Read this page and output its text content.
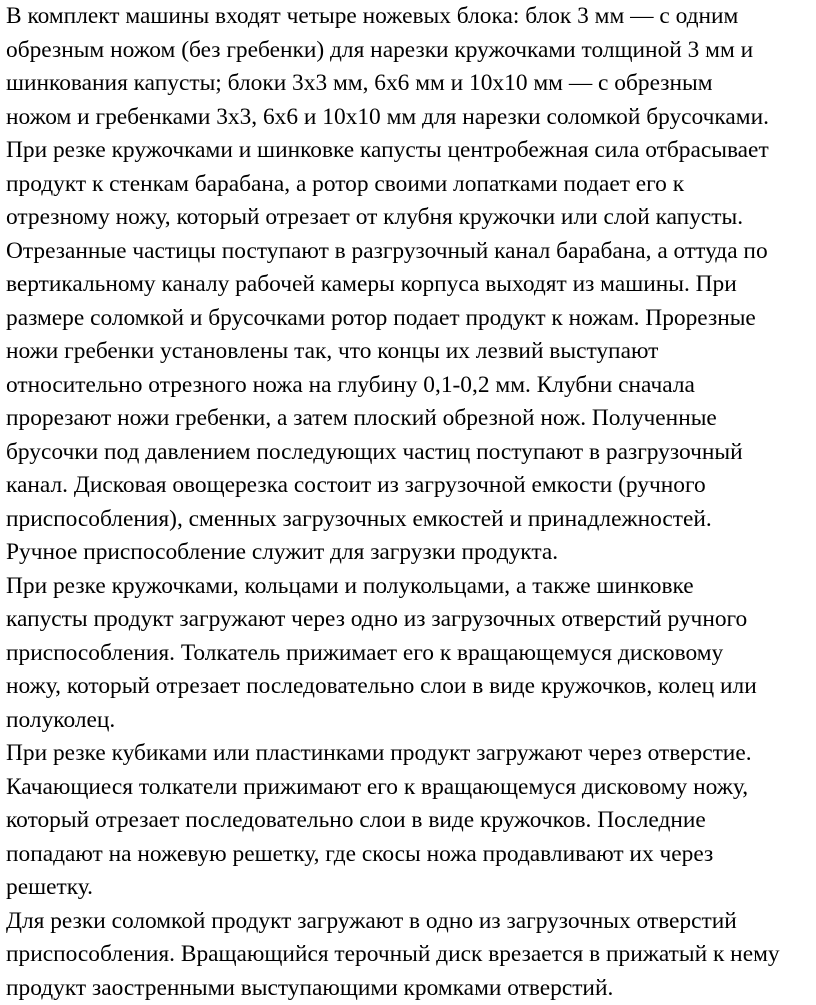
В комплект машины входят четыре ножевых блока: блок 3 мм — с одним
обрезным ножом (без гребенки) для нарезки кружочками толщиной 3 мм и
шинкования капусты; блоки 3х3 мм, 6х6 мм и 10х10 мм — с обрезным
ножом и гребенками 3х3, 6х6 и 10х10 мм для нарезки соломкой брусочками.
При резке кружочками и шинковке капусты центробежная сила отбрасывает
продукт к стенкам барабана, а ротор своими лопатками подает его к
отрезному ножу, который отрезает от клубня кружочки или слой капусты.
Отрезанные частицы поступают в разгрузочный канал барабана, а оттуда по
вертикальному каналу рабочей камеры корпуса выходят из машины. При
размере соломкой и брусочками ротор подает продукт к ножам. Прорезные
ножи гребенки установлены так, что концы их лезвий выступают
относительно отрезного ножа на глубину 0,1-0,2 мм. Клубни сначала
прорезают ножи гребенки, а затем плоский обрезной нож. Полученные
брусочки под давлением последующих частиц поступают в разгрузочный
канал. Дисковая овощерезка состоит из загрузочной емкости (ручного
приспособления), сменных загрузочных емкостей и принадлежностей.
Ручное приспособление служит для загрузки продукта.
При резке кружочками, кольцами и полукольцами, а также шинковке
капусты продукт загружают через одно из загрузочных отверстий ручного
приспособления. Толкатель прижимает его к вращающемуся дисковому
ножу, который отрезает последовательно слои в виде кружочков, колец или
полуколец.
При резке кубиками или пластинками продукт загружают через отверстие.
Качающиеся толкатели прижимают его к вращающемуся дисковому ножу,
который отрезает последовательно слои в виде кружочков. Последние
попадают на ножевую решетку, где скосы ножа продавливают их через
решетку.
Для резки соломкой продукт загружают в одно из загрузочных отверстий
приспособления. Вращающийся терочный диск врезается в прижатый к нему
продукт заостренными выступающими кромками отверстий.
